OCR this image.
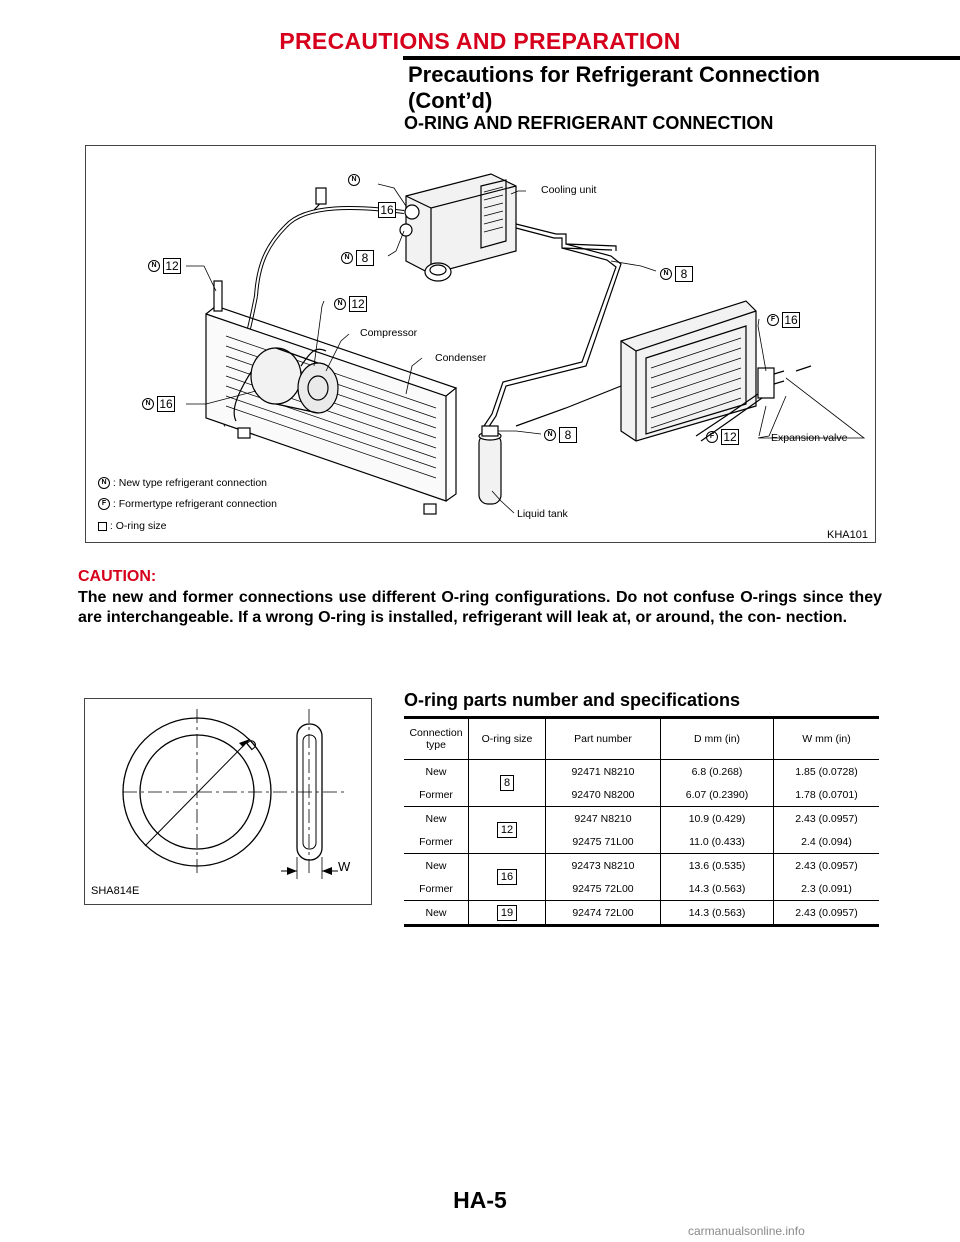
PRECAUTIONS AND PREPARATION
Precautions for Refrigerant Connection
(Cont’d)
O-RING AND REFRIGERANT CONNECTION
N
16
Cooling unit
N 12
N 8
N 8
N 12
Compressor
Condenser
F 16
N 16
N 8	F 12	Expansion valve
N : New type refrigerant connection
F : Formertype refrigerant connection
: O-ring size
Liquid tank
KHA101
CAUTION:
The new and former connections use different O-ring configurations. Do not confuse O-rings since they are interchangeable. If a wrong O-ring is installed, refrigerant will leak at, or around, the con- nection.
D
W
SHA814E
O-ring parts number and specifications
Connection type	O-ring size	Part number	D mm (in)	W mm (in)
New	8	92471 N8210	6.8 (0.268)	1.85 (0.0728)
Former		92470 N8200	6.07 (0.2390)	1.78 (0.0701)
New	12	9247 N8210	10.9 (0.429)	2.43 (0.0957)
Former		92475 71L00	11.0 (0.433)	2.4 (0.094)
New	16	92473 N8210	13.6 (0.535)	2.43 (0.0957)
Former		92475 72L00	14.3 (0.563)	2.3 (0.091)
New	19	92474 72L00	14.3 (0.563)	2.43 (0.0957)
HA-5
carmanualsonline.info
